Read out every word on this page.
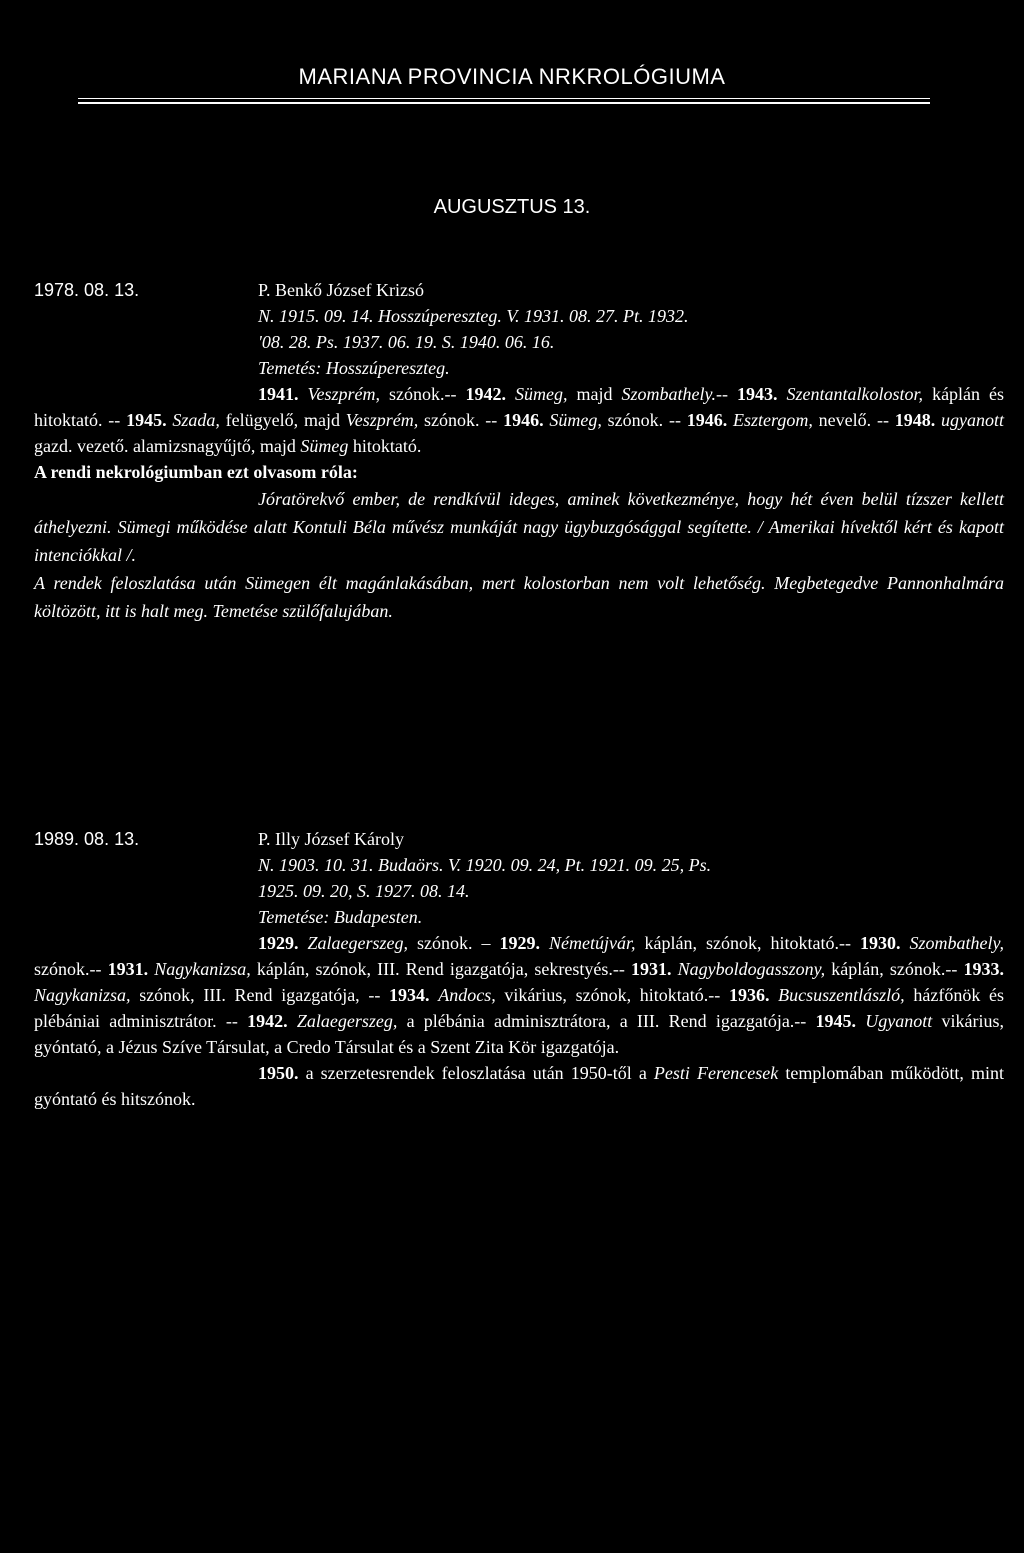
MARIANA PROVINCIA NRKROLÓGIUMA
AUGUSZTUS 13.
1978. 08. 13.	P. Benkő József Krizsó
N. 1915. 09. 14. Hosszúpereszteg. V. 1931. 08. 27. Pt. 1932.
'08. 28. Ps. 1937. 06. 19. S. 1940. 06. 16.
Temetés: Hosszúpereszteg.

1941. Veszprém, szónok.-- 1942. Sümeg, majd Szombathely.-- 1943. Szentantalkolostor, káplán és hitoktató. -- 1945. Szada, felügyelő, majd Veszprém, szónok. -- 1946. Sümeg, szónok. -- 1946. Esztergom, nevelő. -- 1948. ugyanott gazd. vezető. alamizsnagyűjtő, majd Sümeg hitoktató.

A rendi nekrológiumban ezt olvasom róla:

Jóratörekvő ember, de rendkívül ideges, aminek következménye, hogy hét éven belül tízszer kellett áthelyezni. Sümegi működése alatt Kontuli Béla művész munkáját nagy ügybuzgósággal segítette. / Amerikai hívektől kért és kapott intenciókkal /.

A rendek feloszlatása után Sümegen élt magánlakásában, mert kolostorban nem volt lehetőség. Megbetegedve Pannonhalmára költözött, itt is halt meg. Temetése szülőfalujában.

1989. 08. 13.	P. Illy József Károly
N. 1903. 10. 31. Budaörs. V. 1920. 09. 24, Pt. 1921. 09. 25, Ps.
1925. 09. 20, S. 1927. 08. 14.
Temetése: Budapesten.

1929. Zalaegerszeg, szónok. – 1929. Németújvár, káplán, szónok, hitoktató.-- 1930. Szombathely, szónok.-- 1931. Nagykanizsa, káplán, szónok, III. Rend igazgatója, sekrestyés.-- 1931. Nagyboldogasszony, káplán, szónok.-- 1933. Nagykanizsa, szónok, III. Rend igazgatója, -- 1934. Andocs, vikárius, szónok, hitoktató.-- 1936. Bucsuszentlászló, házfőnök és plébániai adminisztrátor. -- 1942. Zalaegerszeg, a plébánia adminisztrátora, a III. Rend igazgatója.-- 1945. Ugyanott vikárius, gyóntató, a Jézus Szíve Társulat, a Credo Társulat és a Szent Zita Kör igazgatója.

1950. a szerzetesrendek feloszlatása után 1950-től a Pesti Ferencesek templomában működött, mint gyóntató és hitszónok.
